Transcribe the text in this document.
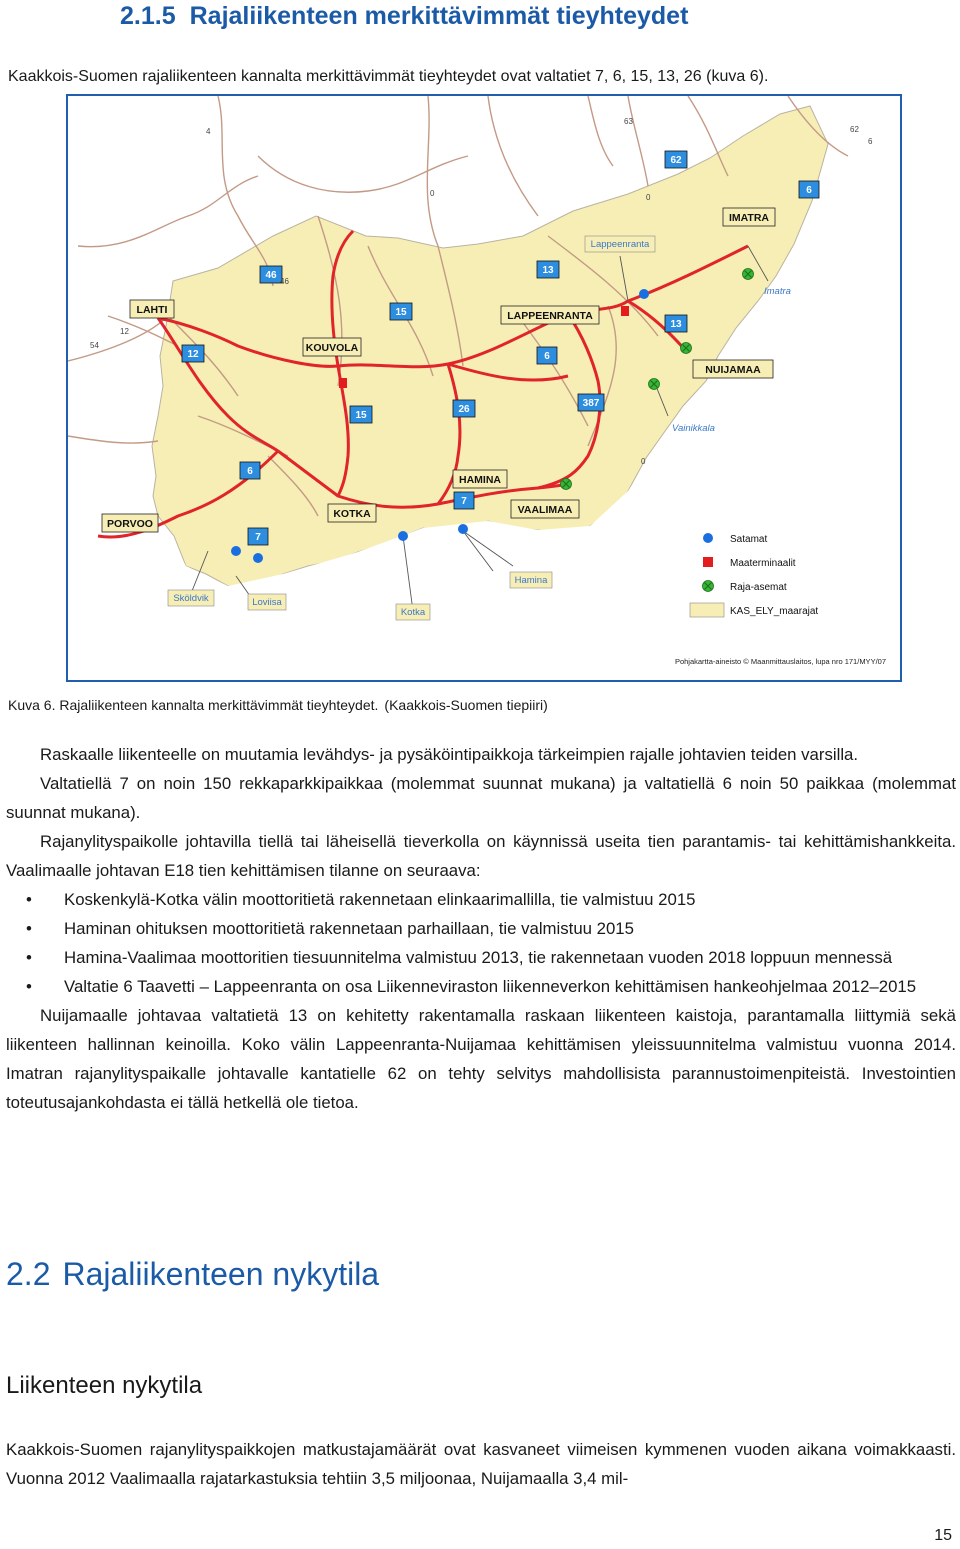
2.1.5 Rajaliikenteen merkittävimmät tieyhteydet
Kaakkois-Suomen rajaliikenteen kannalta merkittävimmät tieyhteydet ovat valtatiet 7, 6, 15, 13, 26 (kuva 6).
LAHTI
KOUVOLA
LAPPEENRANTA
IMATRA
NUIJAMAA
VAALIMAA
HAMINA
KOTKA
PORVOO
46
15
12
13
62
6
13
6
15
26
387
7
6
7
4
46
12
54
63
62
6
0
0
0
Lappeenranta
Imatra
Vainikkala
Hamina
Kotka
Loviisa
Sköldvik
Satamat
Maaterminaalit
Raja-asemat
KAS_ELY_maarajat
Pohjakartta-aineisto © Maanmittauslaitos, lupa nro 171/MYY/07
Kuva 6. Rajaliikenteen kannalta merkittävimmät tieyhteydet. (Kaakkois-Suomen tiepiiri)

Raskaalle liikenteelle on muutamia levähdys- ja pysäköintipaikkoja tärkeimpien rajalle johtavien teiden varsilla.

Valtatiellä 7 on noin 150 rekkaparkkipaikkaa (molemmat suunnat mukana) ja valtatiellä 6 noin 50 paikkaa (molemmat suunnat mukana).

Rajanylityspaikolle johtavilla tiellä tai läheisellä tieverkolla on käynnissä useita tien parantamis- tai kehittämishankkeita. Vaalimaalle johtavan E18 tien kehittämisen tilanne on seuraava:

• Koskenkylä-Kotka välin moottoritietä rakennetaan elinkaarimallilla, tie valmistuu 2015
• Haminan ohituksen moottoritietä rakennetaan parhaillaan, tie valmistuu 2015
• Hamina-Vaalimaa moottoritien tiesuunnitelma valmistuu 2013, tie rakennetaan vuoden 2018 loppuun mennessä
• Valtatie 6 Taavetti – Lappeenranta on osa Liikenneviraston liikenneverkon kehittämisen hankeohjelmaa 2012–2015

Nuijamaalle johtavaa valtatietä 13 on kehitetty rakentamalla raskaan liikenteen kaistoja, parantamalla liittymiä sekä liikenteen hallinnan keinoilla. Koko välin Lappeenranta-Nuijamaa kehittämisen yleissuunnitelma valmistuu vuonna 2014. Imatran rajanylityspaikalle johtavalle kantatielle 62 on tehty selvitys mahdollisista parannustoimenpiteistä. Investointien toteutusajankohdasta ei tällä hetkellä ole tietoa.

2.2 Rajaliikenteen nykytila
Liikenteen nykytila

Kaakkois-Suomen rajanylityspaikkojen matkustajamäärät ovat kasvaneet viimeisen kymmenen vuoden aikana voimakkaasti. Vuonna 2012 Vaalimaalla rajatarkastuksia tehtiin 3,5 miljoonaa, Nuijamaalla 3,4 mil-

15
